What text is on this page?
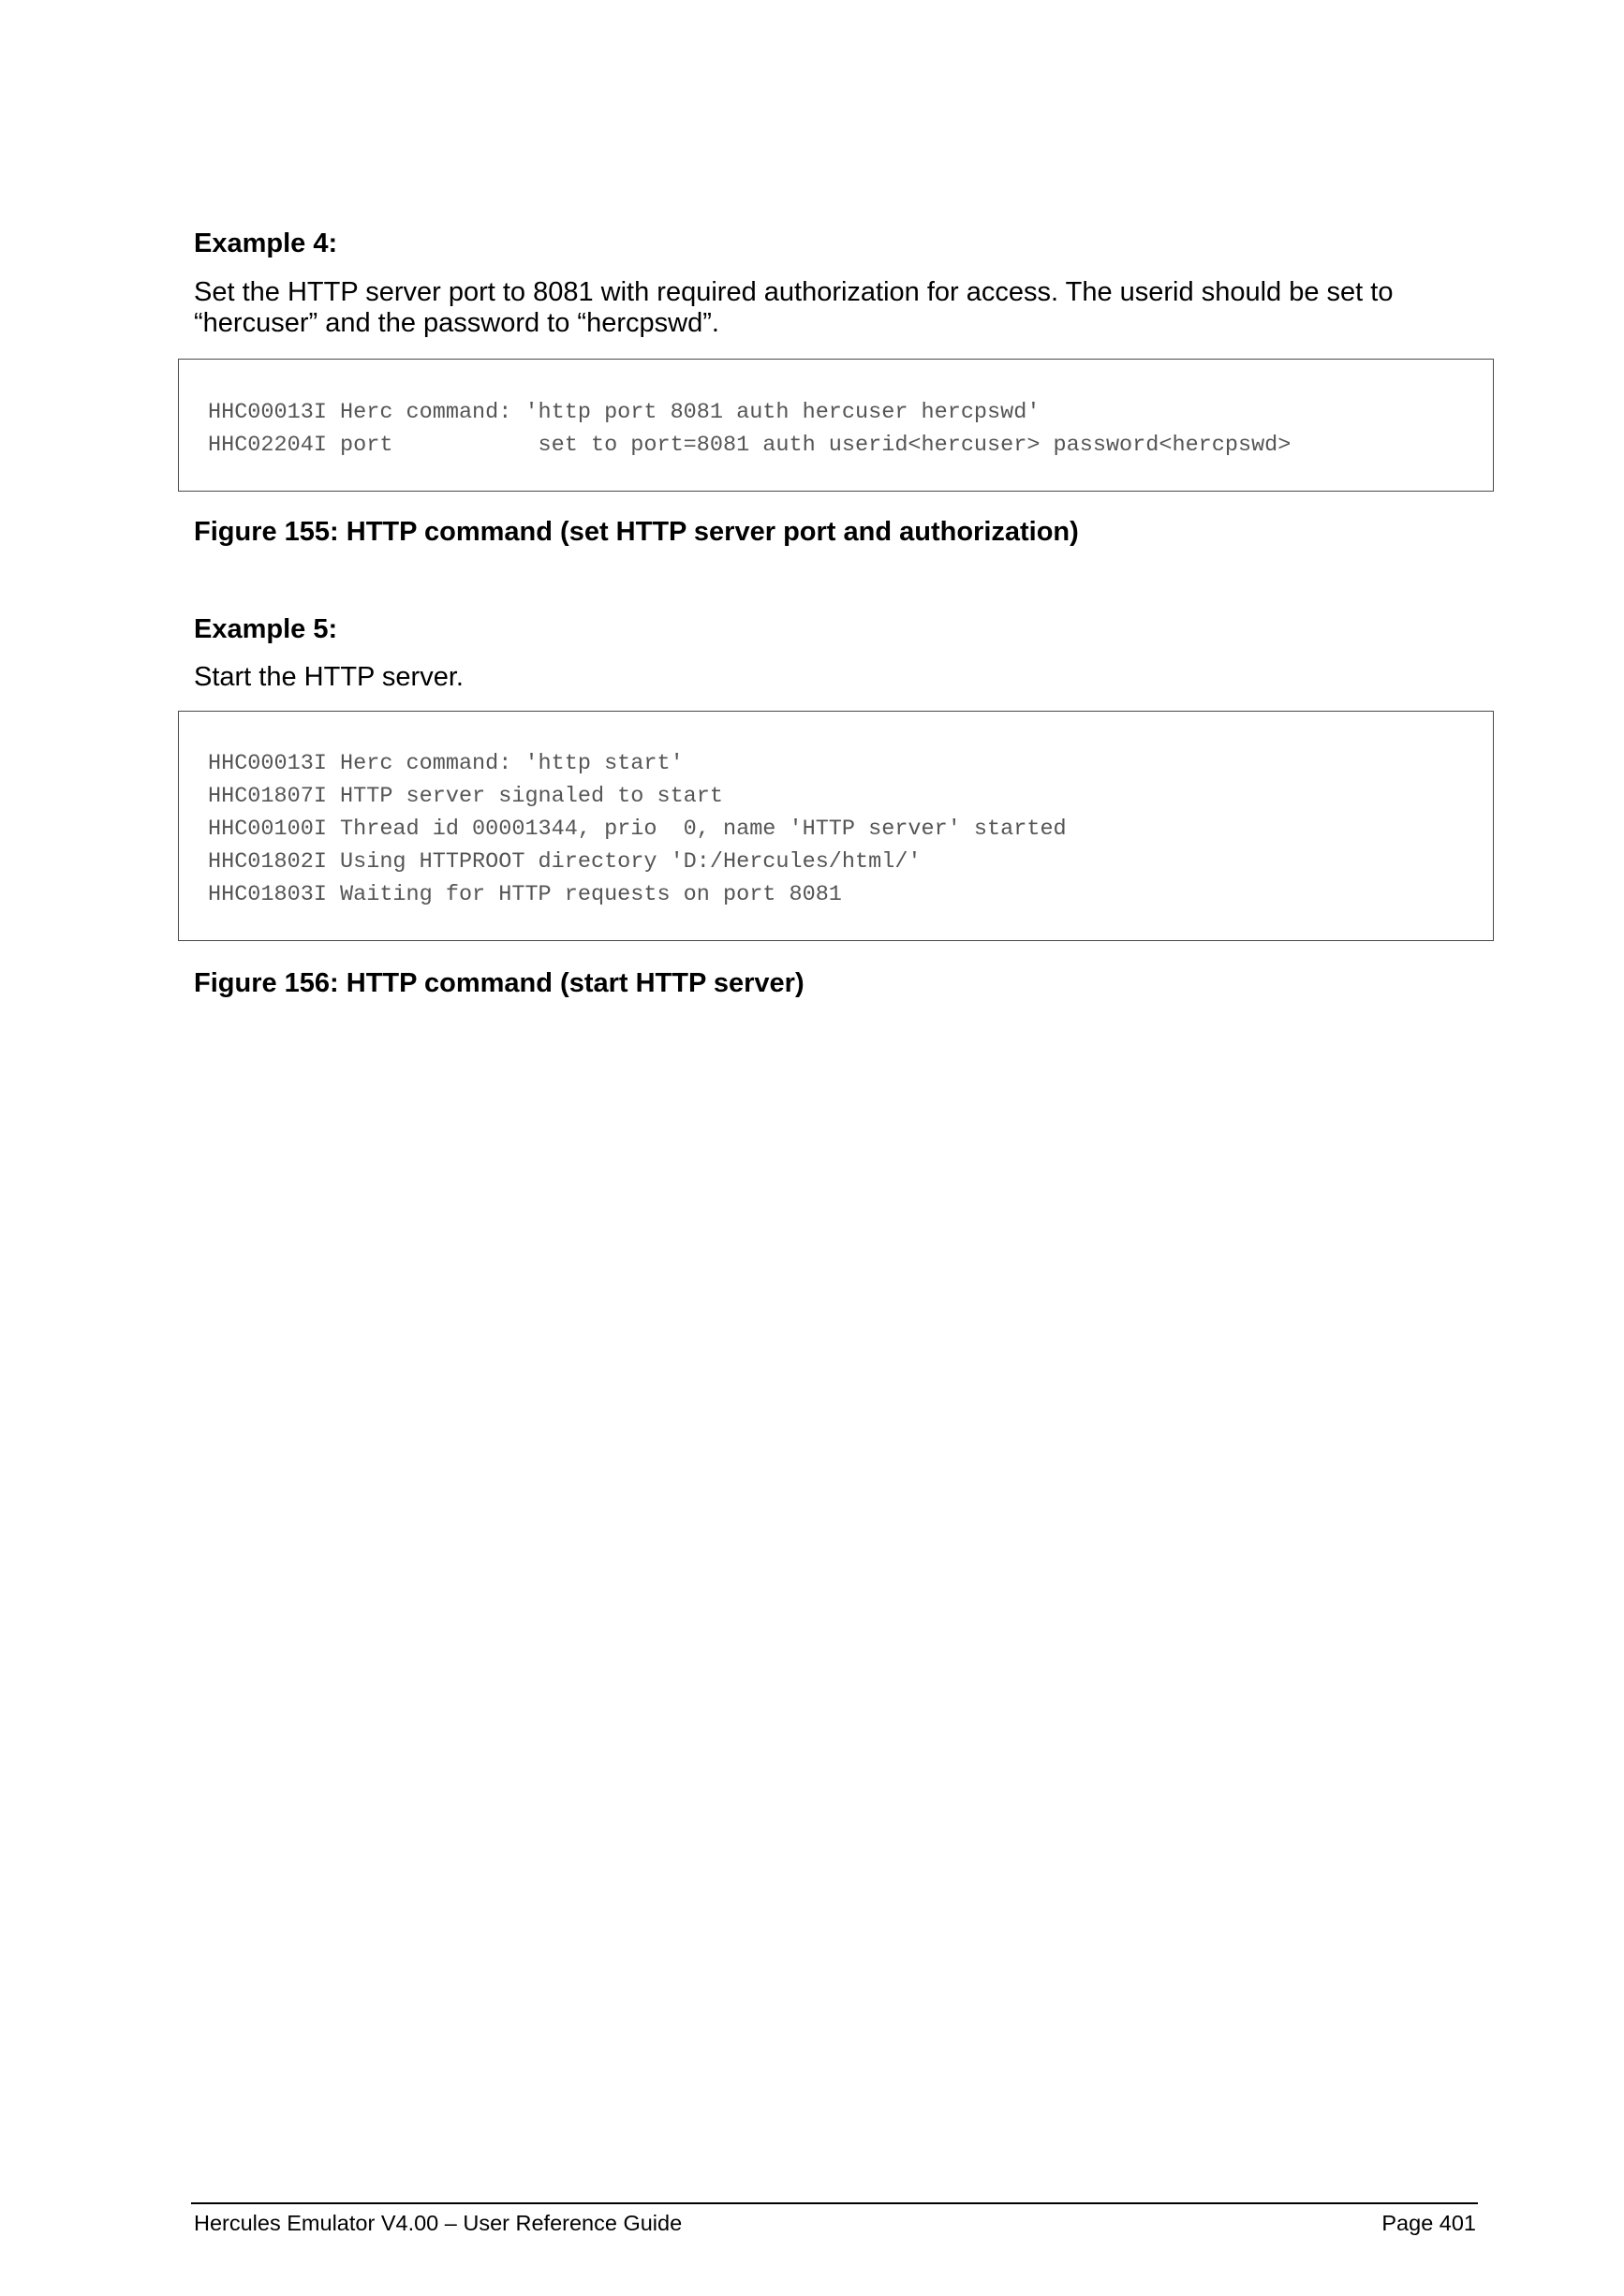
Example 4:

Set the HTTP server port to 8081 with required authorization for access. The userid should be set to

“hercuser” and the password to “hercpswd”.

HHC00013I Herc command: 'http port 8081 auth hercuser hercpswd'

HHC02204I port           set to port=8081 auth userid<hercuser> password<hercpswd>

Figure 155: HTTP command (set HTTP server port and authorization)

Example 5:

Start the HTTP server.

HHC00013I Herc command: 'http start'

HHC01807I HTTP server signaled to start

HHC00100I Thread id 00001344, prio  0, name 'HTTP server' started

HHC01802I Using HTTPROOT directory 'D:/Hercules/html/'

HHC01803I Waiting for HTTP requests on port 8081

Figure 156: HTTP command (start HTTP server)

Hercules Emulator V4.00 – User Reference Guide	Page 401
